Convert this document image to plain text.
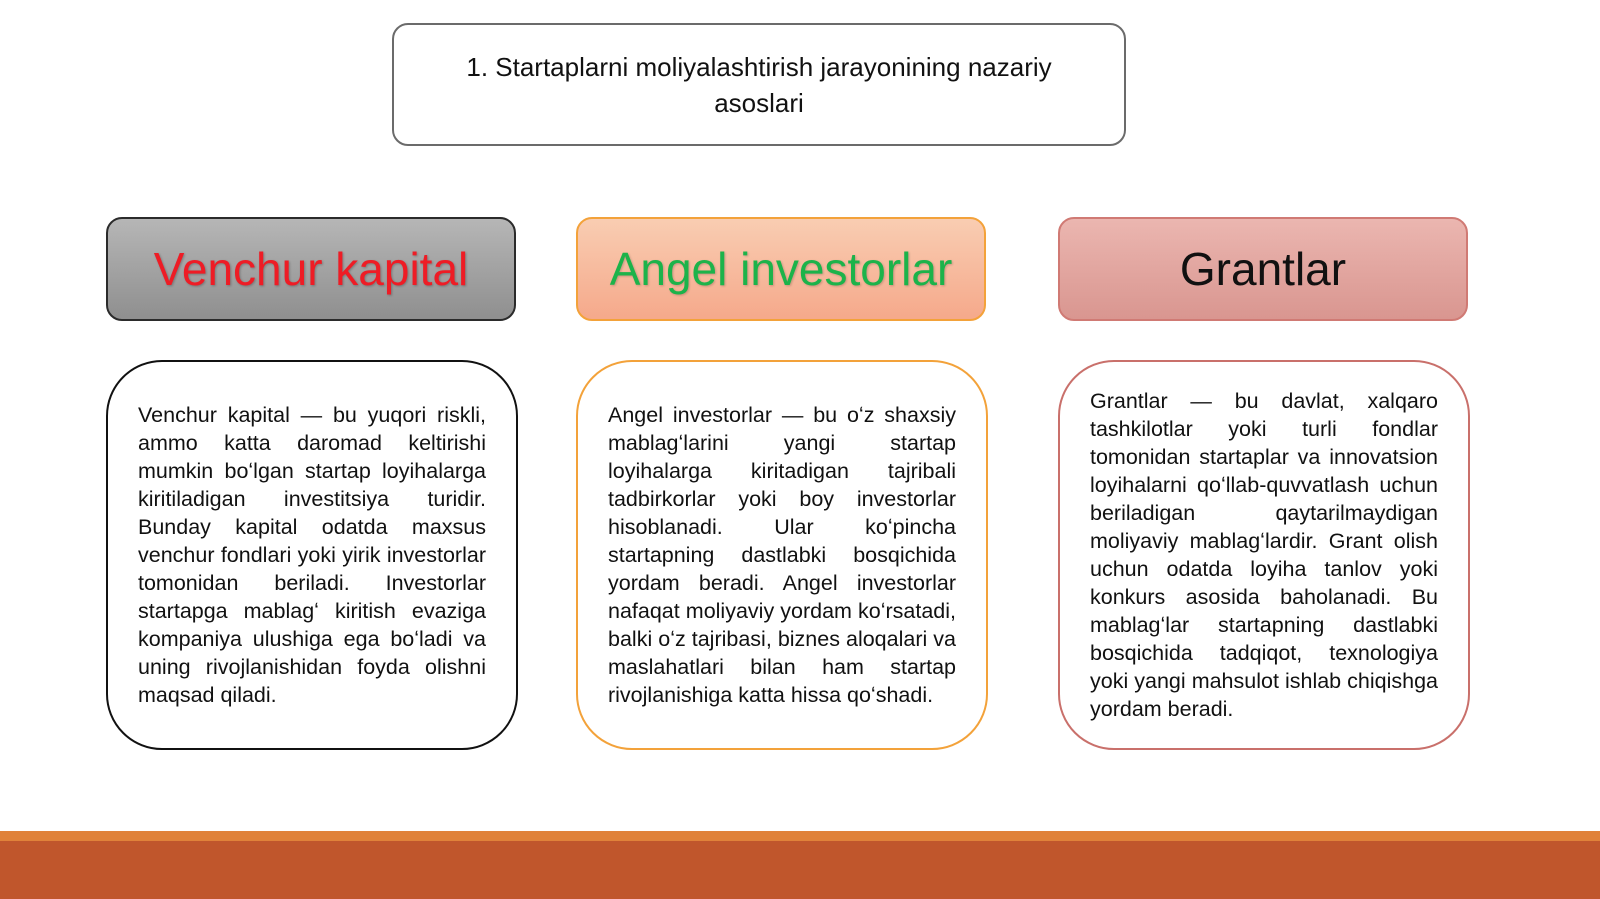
1. Startaplarni moliyalashtirish jarayonining nazariy asoslari
Venchur kapital	Angel investorlar	Grantlar

Venchur kapital — bu yuqori riskli, ammo katta daromad keltirishi mumkin boʻlgan startap loyihalarga kiritiladigan investitsiya turidir. Bunday kapital odatda maxsus venchur fondlari yoki yirik investorlar tomonidan beriladi. Investorlar startapga mablagʻ kiritish evaziga kompaniya ulushiga ega boʻladi va uning rivojlanishidan foyda olishni maqsad qiladi.

Angel investorlar — bu oʻz shaxsiy mablagʻlarini yangi startap loyihalarga kiritadigan tajribali tadbirkorlar yoki boy investorlar hisoblanadi. Ular koʻpincha startapning dastlabki bosqichida yordam beradi. Angel investorlar nafaqat moliyaviy yordam koʻrsatadi, balki oʻz tajribasi, biznes aloqalari va maslahatlari bilan ham startap rivojlanishiga katta hissa qoʻshadi.

Grantlar — bu davlat, xalqaro tashkilotlar yoki turli fondlar tomonidan startaplar va innovatsion loyihalarni qoʻllab-quvvatlash uchun beriladigan qaytarilmaydigan moliyaviy mablagʻlardir. Grant olish uchun odatda loyiha tanlov yoki konkurs asosida baholanadi. Bu mablagʻlar startapning dastlabki bosqichida tadqiqot, texnologiya yoki yangi mahsulot ishlab chiqishga yordam beradi.
